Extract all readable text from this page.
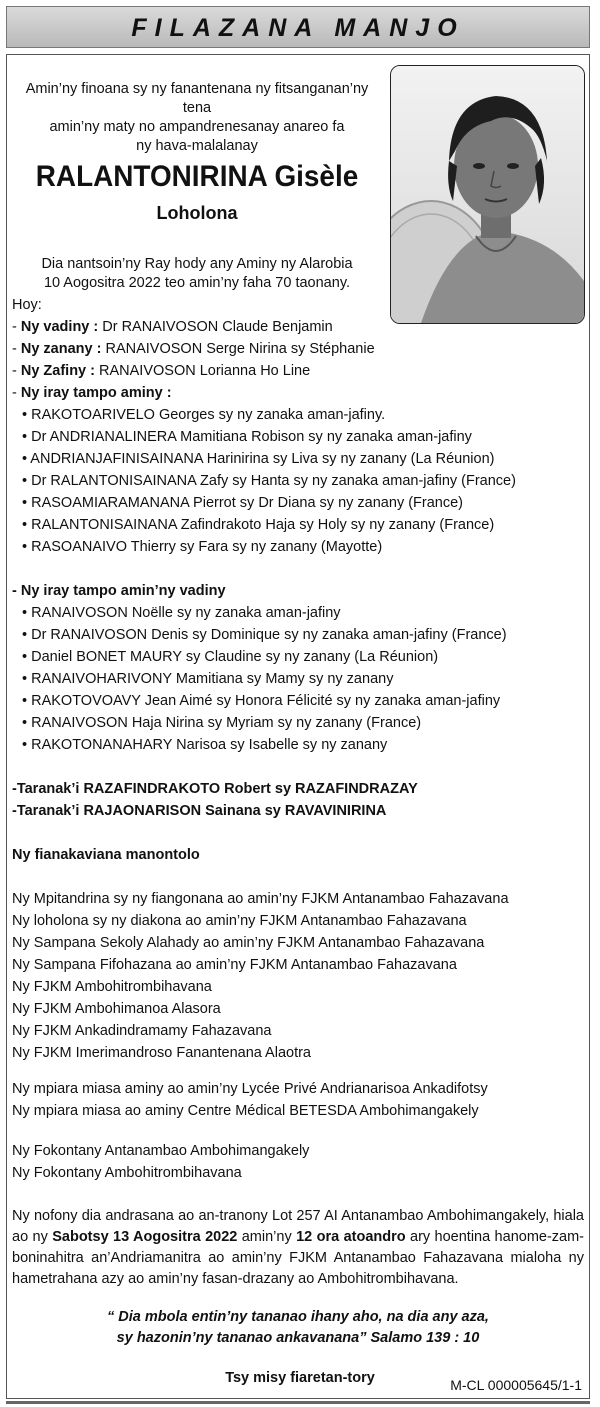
FILAZANA MANJO
Amin’ny finoana sy ny fanantenana ny fitsanganan’ny tena
amin’ny maty no ampandrenesanay anareo fa
ny hava-malalanay
RALANTONIRINA Gisèle
Loholona
Dia nantsoin’ny Ray hody any Aminy ny Alarobia
10 Aogositra 2022 teo amin’ny faha 70 taonany.
Hoy:
- Ny vadiny : Dr RANAIVOSON Claude Benjamin
- Ny zanany : RANAIVOSON Serge Nirina sy Stéphanie
- Ny Zafiny : RANAIVOSON Lorianna Ho Line
- Ny iray tampo aminy :
• RAKOTOARIVELO Georges sy ny zanaka aman-jafiny.
• Dr ANDRIANALINERA Mamitiana Robison sy ny zanaka aman-jafiny
• ANDRIANJAFINISAINANA Harinirina sy Liva sy ny zanany (La Réunion)
• Dr RALANTONISAINANA Zafy sy Hanta sy ny zanaka aman-jafiny (France)
• RASOAMIARAMANANA Pierrot sy Dr Diana sy ny zanany (France)
• RALANTONISAINANA Zafindrakoto Haja sy Holy sy ny zanany (France)
• RASOANAIVO Thierry sy Fara sy ny zanany (Mayotte)
- Ny iray tampo amin’ny vadiny
• RANAIVOSON Noëlle sy ny zanaka aman-jafiny
• Dr RANAIVOSON Denis sy Dominique sy ny zanaka aman-jafiny (France)
• Daniel BONET MAURY sy Claudine sy ny zanany (La Réunion)
• RANAIVOHARIVONY Mamitiana sy Mamy sy ny zanany
• RAKOTOVOAVY Jean Aimé sy Honora Félicité sy ny zanaka aman-jafiny
• RANAIVOSON Haja Nirina sy Myriam sy ny zanany (France)
• RAKOTONANAHARY Narisoa sy Isabelle sy ny zanany
-Taranak’i RAZAFINDRAKOTO Robert sy RAZAFINDRAZAY
-Taranak’i RAJAONARISON Sainana sy RAVAVINIRINA
Ny fianakaviana manontolo
Ny Mpitandrina sy ny fiangonana ao amin’ny FJKM Antanambao Fahazavana
Ny loholona sy ny diakona ao amin’ny FJKM Antanambao Fahazavana
Ny Sampana Sekoly Alahady ao amin’ny FJKM Antanambao Fahazavana
Ny Sampana Fifohazana ao amin’ny FJKM Antanambao Fahazavana
Ny FJKM Ambohitrombihavana
Ny FJKM Ambohimanoa Alasora
Ny FJKM Ankadindramamy Fahazavana
Ny FJKM Imerimandroso Fanantenana Alaotra
Ny mpiara miasa aminy ao amin’ny Lycée Privé Andrianarisoa Ankadifotsy
Ny mpiara miasa ao aminy Centre Médical BETESDA Ambohimangakely
Ny Fokontany Antanambao Ambohimangakely
Ny Fokontany Ambohitrombihavana
Ny nofony dia andrasana ao an-tranony Lot 257 AI Antanambao Ambohimangakely, hiala ao ny Sabotsy 13 Aogositra 2022 amin’ny 12 ora atoandro ary hoentina hanome-zam-boninahitra an’Andriamanitra ao amin’ny FJKM Antanambao Fahazavana mialoha ny hametrahana azy ao amin’ny fasan-drazany ao Ambohitrombihavana.
“ Dia mbola entin’ny tananao ihany aho, na dia any aza,
sy hazonin’ny tananao ankavanana” Salamo 139 : 10
Tsy misy fiaretan-tory	M-CL 000005645/1-1
